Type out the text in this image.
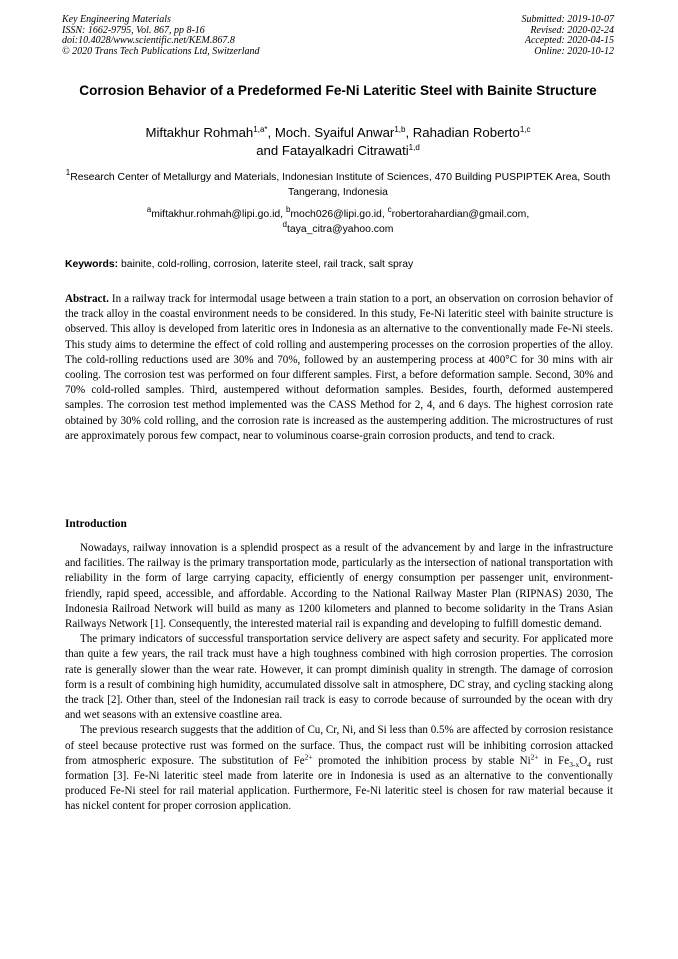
Key Engineering Materials
ISSN: 1662-9795, Vol. 867, pp 8-16
doi:10.4028/www.scientific.net/KEM.867.8
© 2020 Trans Tech Publications Ltd, Switzerland
Submitted: 2019-10-07
Revised: 2020-02-24
Accepted: 2020-04-15
Online: 2020-10-12
Corrosion Behavior of a Predeformed Fe-Ni Lateritic Steel with Bainite Structure
Miftakhur Rohmah$^{1,a*}$, Moch. Syaiful Anwar$^{1,b}$, Rahadian Roberto$^{1,c}$
and Fatayalkadri Citrawati$^{1,d}$
$^1$Research Center of Metallurgy and Materials, Indonesian Institute of Sciences, 470 Building PUSPIPTEK Area, South Tangerang, Indonesia
$^a$miftakhur.rohmah@lipi.go.id, $^b$moch026@lipi.go.id, $^c$robertorahardian@gmail.com,
$^d$taya_citra@yahoo.com
Keywords: bainite, cold-rolling, corrosion, laterite steel, rail track, salt spray
Abstract. In a railway track for intermodal usage between a train station to a port, an observation on corrosion behavior of the track alloy in the coastal environment needs to be considered. In this study, Fe-Ni lateritic steel with bainite structure is observed. This alloy is developed from lateritic ores in Indonesia as an alternative to the conventionally made Fe-Ni steels. This study aims to determine the effect of cold rolling and austempering processes on the corrosion properties of the alloy. The cold-rolling reductions used are 30% and 70%, followed by an austempering process at 400°C for 30 mins with air cooling. The corrosion test was performed on four different samples. First, a before deformation sample. Second, 30% and 70% cold-rolled samples. Third, austempered without deformation samples. Besides, fourth, deformed austempered samples. The corrosion test method implemented was the CASS Method for 2, 4, and 6 days. The highest corrosion rate obtained by 30% cold rolling, and the corrosion rate is increased as the austempering addition. The microstructures of rust are approximately porous few compact, near to voluminous coarse-grain corrosion products, and tend to crack.
Introduction

Nowadays, railway innovation is a splendid prospect as a result of the advancement by and large in the infrastructure and facilities. The railway is the primary transportation mode, particularly as the intersection of national transportation with reliability in the form of large carrying capacity, efficiently of energy consumption per passenger unit, environment-friendly, rapid speed, accessible, and affordable. According to the National Railway Master Plan (RIPNAS) 2030, The Indonesia Railroad Network will build as many as 1200 kilometers and planned to become solidarity in the Trans Asian Railways Network [1]. Consequently, the interested material rail is expanding and developing to fulfill domestic demand.

The primary indicators of successful transportation service delivery are aspect safety and security. For applicated more than quite a few years, the rail track must have a high toughness combined with high corrosion properties. The corrosion rate is generally slower than the wear rate. However, it can prompt diminish quality in strength. The damage of corrosion form is a result of combining high humidity, accumulated dissolve salt in atmosphere, DC stray, and cycling stacking along the track [2]. Other than, steel of the Indonesian rail track is easy to corrode because of surrounded by the ocean with dry and wet seasons with an extensive coastline area.

The previous research suggests that the addition of Cu, Cr, Ni, and Si less than 0.5% are affected by corrosion resistance of steel because protective rust was formed on the surface. Thus, the compact rust will be inhibiting corrosion attacked from atmospheric exposure. The substitution of $Fe^{2+}$ promoted the inhibition process by stable $Ni^{2+}$ in $Fe_{3-x}O_4$ rust formation [3]. Fe-Ni lateritic steel made from laterite ore in Indonesia is used as an alternative to the conventionally produced Fe-Ni steel for rail material application. Furthermore, Fe-Ni lateritic steel is chosen for raw material because it has nickel content for proper corrosion application.
